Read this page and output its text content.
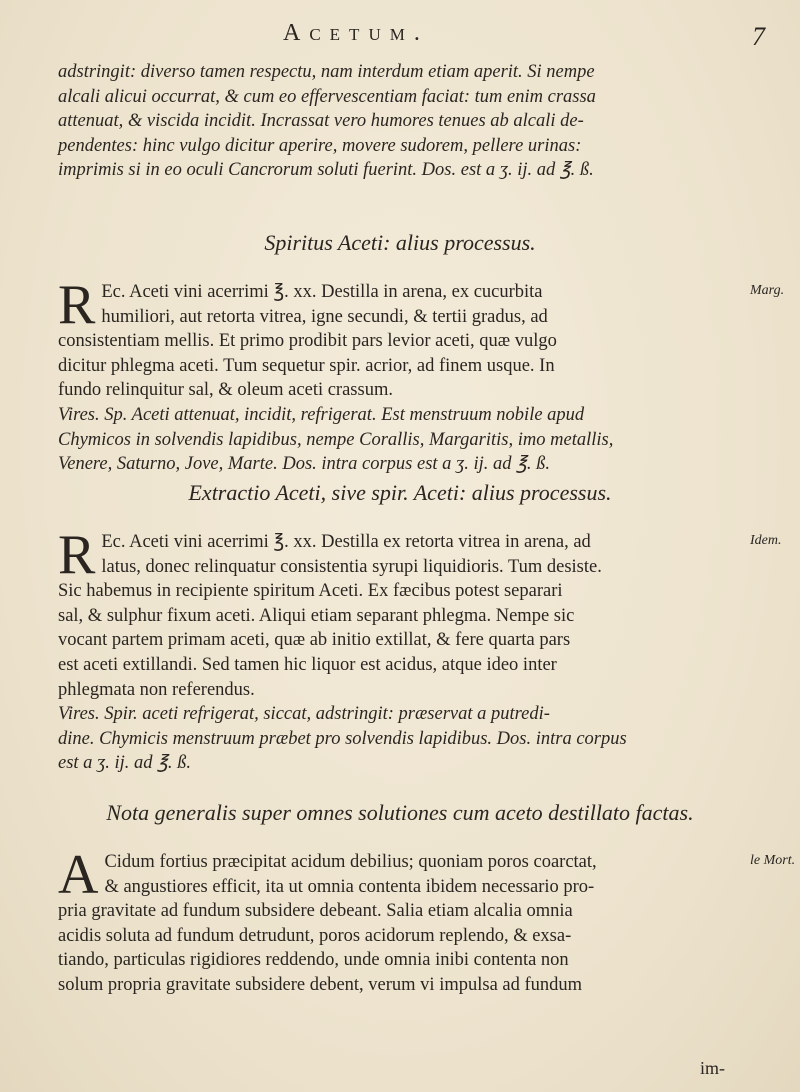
Acetum.	7
adstringit: diverso tamen respectu, nam interdum etiam aperit. Si nempe
alcali alicui occurrat, & cum eo effervescentiam faciat: tum enim crassa
attenuat, & viscida incidit. Incrassat vero humores tenues ab alcali de-
pendentes: hinc vulgo dicitur aperire, movere sudorem, pellere urinas:
imprimis si in eo oculi Cancrorum soluti fuerint. Dos. est a ʒ. ij. ad ℥. ß.
Spiritus Aceti: alius processus.
Marg.
R Ec. Aceti vini acerrimi ℥. xx. Destilla in arena, ex cucurbita
humiliori, aut retorta vitrea, igne secundi, & tertii gradus, ad
consistentiam mellis. Et primo prodibit pars levior aceti, quæ vulgo
dicitur phlegma aceti. Tum sequetur spir. acrior, ad finem usque. In
fundo relinquitur sal, & oleum aceti crassum.
Vires. Sp. Aceti attenuat, incidit, refrigerat. Est menstruum nobile apud
Chymicos in solvendis lapidibus, nempe Corallis, Margaritis, imo metallis,
Venere, Saturno, Jove, Marte. Dos. intra corpus est a ʒ. ij. ad ℥. ß.
Extractio Aceti, sive spir. Aceti: alius processus.
Idem.
R Ec. Aceti vini acerrimi ℥. xx. Destilla ex retorta vitrea in arena, ad
latus, donec relinquatur consistentia syrupi liquidioris. Tum desiste.
Sic habemus in recipiente spiritum Aceti. Ex fæcibus potest separari
sal, & sulphur fixum aceti. Aliqui etiam separant phlegma. Nempe sic
vocant partem primam aceti, quæ ab initio extillat, & fere quarta pars
est aceti extillandi. Sed tamen hic liquor est acidus, atque ideo inter
phlegmata non referendus.
Vires. Spir. aceti refrigerat, siccat, adstringit: præservat a putredi-
dine. Chymicis menstruum præbet pro solvendis lapidibus. Dos. intra corpus
est a ʒ. ij. ad ℥. ß.
Nota generalis super omnes solutiones cum aceto destillato factas.
le Mort.
A Cidum fortius præcipitat acidum debilius; quoniam poros coarctat,
& angustiores efficit, ita ut omnia contenta ibidem necessario pro-
pria gravitate ad fundum subsidere debeant. Salia etiam alcalia omnia
acidis soluta ad fundum detrudunt, poros acidorum replendo, & exsa-
tiando, particulas rigidiores reddendo, unde omnia inibi contenta non
solum propria gravitate subsidere debent, verum vi impulsa ad fundum
im-
